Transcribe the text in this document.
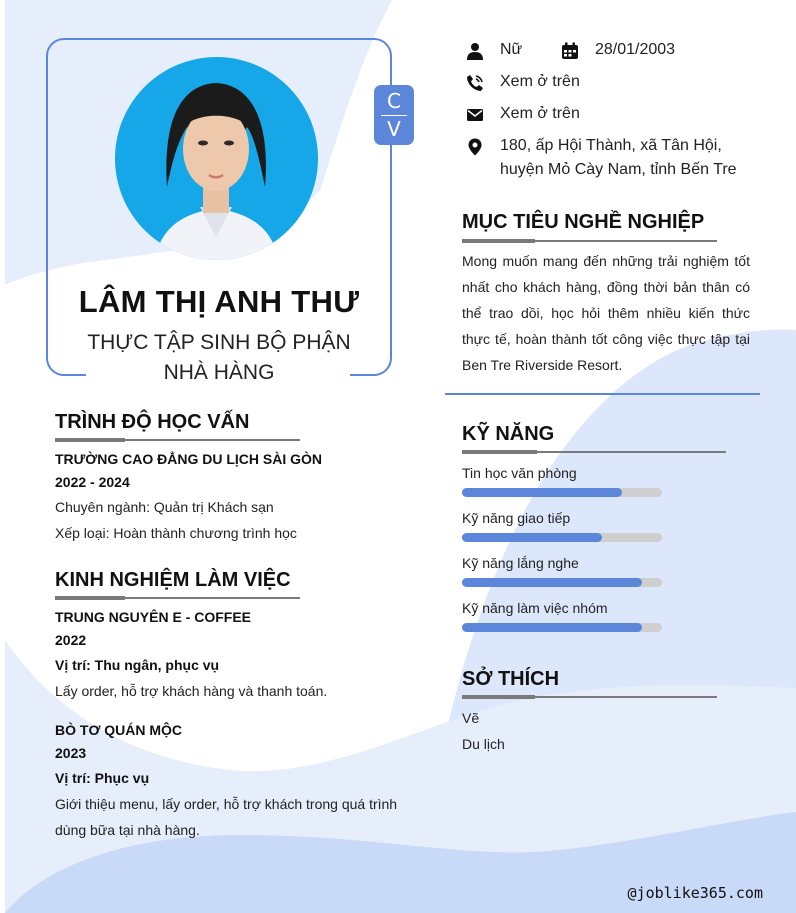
C
V
LÂM THỊ ANH THƯ
THỰC TẬP SINH BỘ PHẬN NHÀ HÀNG
Nữ	28/01/2003
Xem ở trên
Xem ở trên
180, ấp Hội Thành, xã Tân Hội, huyện Mỏ Cày Nam, tỉnh Bến Tre
MỤC TIÊU NGHỀ NGHIỆP
Mong muốn mang đến những trải nghiệm tốt nhất cho khách hàng, đồng thời bản thân có thể trao dồi, học hỏi thêm nhiều kiến thức thực tế, hoàn thành tốt công việc thực tập tại Ben Tre Riverside Resort.
TRÌNH ĐỘ HỌC VẤN
TRƯỜNG CAO ĐẲNG DU LỊCH SÀI GÒN
2022 - 2024
Chuyên ngành: Quản trị Khách sạn
Xếp loại: Hoàn thành chương trình học
KINH NGHIỆM LÀM VIỆC
TRUNG NGUYÊN E - COFFEE
2022
Vị trí: Thu ngân, phục vụ
Lấy order, hỗ trợ khách hàng và thanh toán.
BÒ TƠ QUÁN MỘC
2023
Vị trí: Phục vụ
Giới thiệu menu, lấy order, hỗ trợ khách trong quá trình dùng bữa tại nhà hàng.
KỸ NĂNG
Tin học văn phòng
Kỹ năng giao tiếp
Kỹ năng lắng nghe
Kỹ năng làm việc nhóm
SỞ THÍCH
Vẽ
Du lịch
@joblike365.com
